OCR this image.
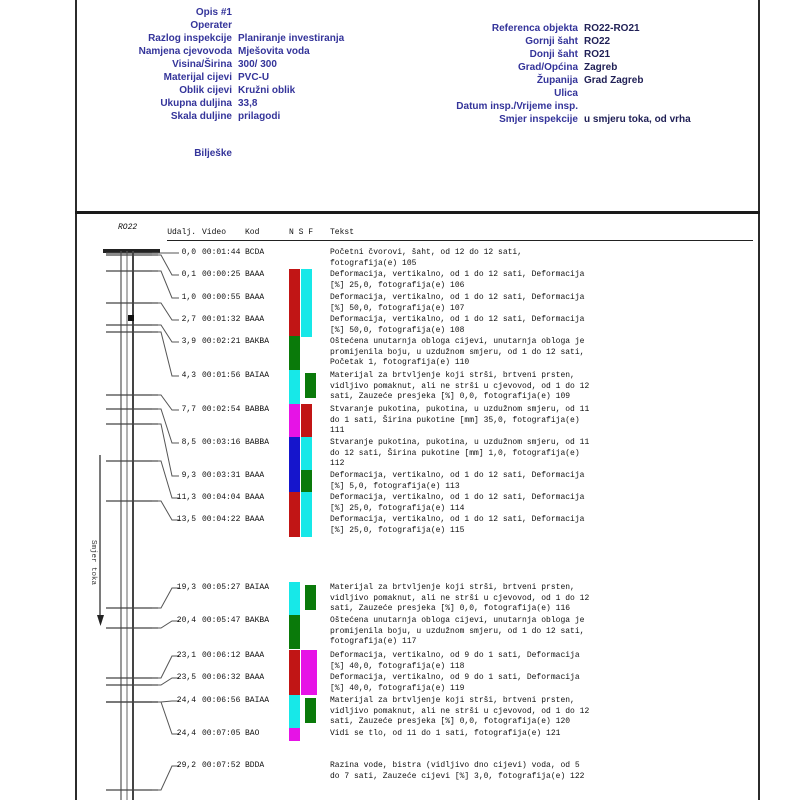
Opis #1
Operater
Razlog inspekcije Planiranje investiranja
Namjena cjevovoda Mješovita voda
Visina/Širina 300/ 300
Materijal cijevi PVC-U
Oblik cijevi Kružni oblik
Ukupna duljina 33,8
Skala duljine prilagodi
Bilješke
Referenca objekta RO22-RO21
Gornji šaht RO22
Donji šaht RO21
Grad/Općina Zagreb
Županija Grad Zagreb
Ulica
Datum insp./Vrijeme insp.
Smjer inspekcije u smjeru toka, od vrha
Smjer toka
RO22
Udalj. Video Kod	N S F Tekst
0,0 00:01:44 BCDA	Početni čvorovi, šaht, od 12 do 12 sati, fotografija(e) 105
0,1 00:00:25 BAAA	Deformacija, vertikalno, od 1 do 12 sati, Deformacija [%] 25,0, fotografija(e) 106
1,0 00:00:55 BAAA	Deformacija, vertikalno, od 1 do 12 sati, Deformacija [%] 50,0, fotografija(e) 107
2,7 00:01:32 BAAA	Deformacija, vertikalno, od 1 do 12 sati, Deformacija [%] 50,0, fotografija(e) 108
3,9 00:02:21 BAKBA	Oštećena unutarnja obloga cijevi, unutarnja obloga je promijenila boju, u uzdužnom smjeru, od 1 do 12 sati, Početak 1, fotografija(e) 110
4,3 00:01:56 BAIAA	Materijal za brtvljenje koji strši, brtveni prsten, vidljivo pomaknut, ali ne strši u cjevovod, od 1 do 12 sati, Zauzeće presjeka [%] 0,0, fotografija(e) 109
7,7 00:02:54 BABBA	Stvaranje pukotina, pukotina, u uzdužnom smjeru, od 11 do 1 sati, Širina pukotine [mm] 35,0, fotografija(e) 111
8,5 00:03:16 BABBA	Stvaranje pukotina, pukotina, u uzdužnom smjeru, od 11 do 12 sati, Širina pukotine [mm] 1,0, fotografija(e) 112
9,3 00:03:31 BAAA	Deformacija, vertikalno, od 1 do 12 sati, Deformacija [%] 5,0, fotografija(e) 113
11,3 00:04:04 BAAA	Deformacija, vertikalno, od 1 do 12 sati, Deformacija [%] 25,0, fotografija(e) 114
13,5 00:04:22 BAAA	Deformacija, vertikalno, od 1 do 12 sati, Deformacija [%] 25,0, fotografija(e) 115
19,3 00:05:27 BAIAA	Materijal za brtvljenje koji strši, brtveni prsten, vidljivo pomaknut, ali ne strši u cjevovod, od 1 do 12 sati, Zauzeće presjeka [%] 0,0, fotografija(e) 116
20,4 00:05:47 BAKBA	Oštećena unutarnja obloga cijevi, unutarnja obloga je promijenila boju, u uzdužnom smjeru, od 1 do 12 sati, fotografija(e) 117
23,1 00:06:12 BAAA	Deformacija, vertikalno, od 9 do 1 sati, Deformacija [%] 40,0, fotografija(e) 118
23,5 00:06:32 BAAA	Deformacija, vertikalno, od 9 do 1 sati, Deformacija [%] 40,0, fotografija(e) 119
24,4 00:06:56 BAIAA	Materijal za brtvljenje koji strši, brtveni prsten, vidljivo pomaknut, ali ne strši u cjevovod, od 1 do 12 sati, Zauzeće presjeka [%] 0,0, fotografija(e) 120
24,4 00:07:05 BAO	Vidi se tlo, od 11 do 1 sati, fotografija(e) 121
29,2 00:07:52 BDDA	Razina vode, bistra (vidljivo dno cijevi) voda, od 5 do 7 sati, Zauzeće cijevi [%] 3,0, fotografija(e) 122
